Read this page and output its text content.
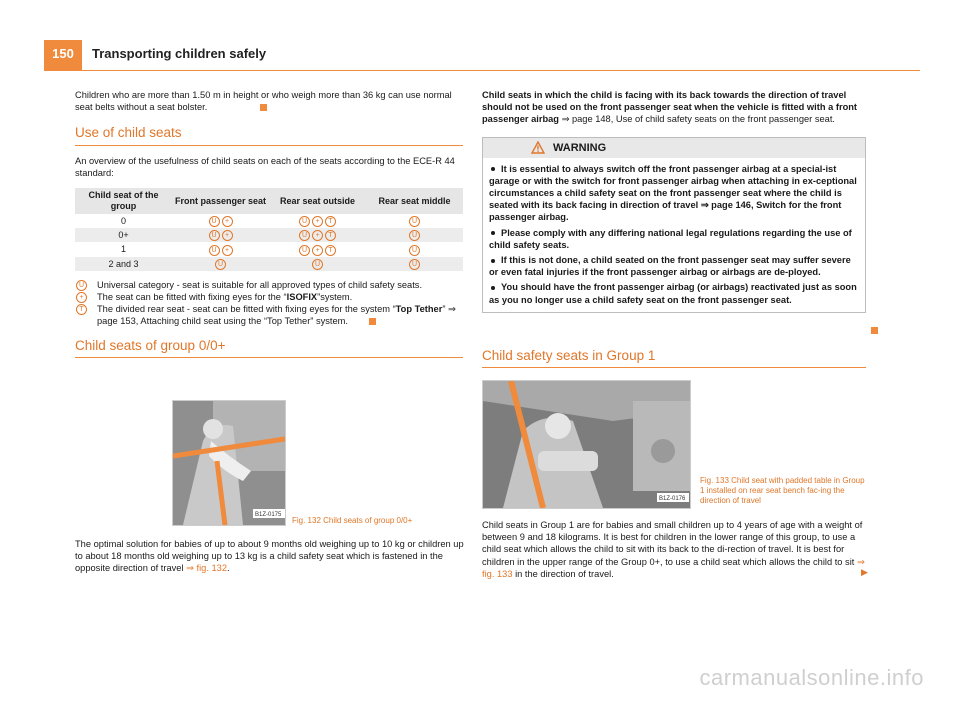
150	Transporting children safely

Children who are more than 1.50 m in height or who weigh more than 36 kg can use normal seat belts without a seat bolster.

Use of child seats

An overview of the usefulness of child seats on each of the seats according to the ECE-R 44 standard:

Child seat of the group	Front passenger seat	Rear seat outside	Rear seat middle
0	U +	U + T	U
0+	U +	U + T	U
1	U +	U + T	U
2 and 3	U	U	U
U	Universal category - seat is suitable for all approved types of child safety seats.
+	The seat can be fitted with fixing eyes for the “ISOFIX”system.
T	The divided rear seat - seat can be fitted with fixing eyes for the system “Top Tether” ⇒ page 153, Attaching child seat using the “Top Tether” system.
Child seats of group 0/0+
B1Z-0175
Fig. 132 Child seats of group 0/0+

The optimal solution for babies of up to about 9 months old weighing up to 10 kg or children up to about 18 months old weighing up to 13 kg is a child safety seat which is fastened in the opposite direction of travel ⇒ fig. 132.

Child seats in which the child is facing with its back towards the direction of travel should not be used on the front passenger seat when the vehicle is fitted with a front passenger airbag ⇒ page 148, Use of child safety seats on the front passenger seat.

WARNING

It is essential to always switch off the front passenger airbag at a special-ist garage or with the switch for front passenger airbag when attaching in ex-ceptional circumstances a child safety seat on the front passenger seat where the child is seated with its back facing in direction of travel ⇒ page 146, Switch for the front passenger airbag.

Please comply with any differing national legal regulations regarding the use of child safety seats.

If this is not done, a child seated on the front passenger seat may suffer severe or even fatal injuries if the front passenger airbag or airbags are de-ployed.

You should have the front passenger airbag (or airbags) reactivated just as soon as you no longer use a child safety seat on the front passenger seat.

Child safety seats in Group 1
B1Z-0176
Fig. 133 Child seat with padded table in Group 1 installed on rear seat bench fac-ing the direction of travel

Child seats in Group 1 are for babies and small children up to 4 years of age with a weight of between 9 and 18 kilograms. It is best for children in the lower range of this group, to use a child seat which allows the child to sit with its back to the di-rection of travel. It is best for children in the upper range of the Group 0+, to use a child seat which allows the child to sit ⇒ fig. 133 in the direction of travel.	▶
carmanualsonline.info
